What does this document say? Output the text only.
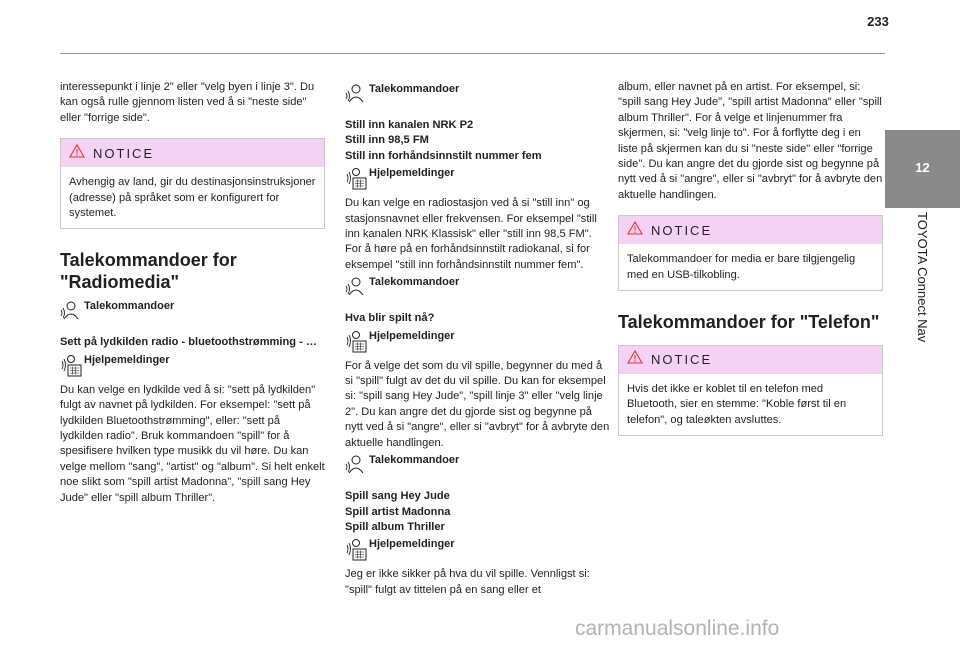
233
12
TOYOTA Connect Nav

interessepunkt i linje 2" eller "velg byen i linje 3". Du kan også rulle gjennom listen ved å si "neste side" eller "forrige side".

NOTICE
Avhengig av land, gir du destinasjonsinstruksjoner (adresse) på språket som er konfigurert for systemet.
Talekommandoer for "Radiomedia"
Talekommandoer
Sett på lydkilden radio - bluetoothstrømming - …
Hjelpemeldinger

Du kan velge en lydkilde ved å si: "sett på lydkilden" fulgt av navnet på lydkilden. For eksempel: "sett på lydkilden Bluetoothstrømming", eller: "sett på lydkilden radio". Bruk kommandoen "spill" for å spesifisere hvilken type musikk du vil høre. Du kan velge mellom "sang", "artist" og "album". Si helt enkelt noe slikt som "spill artist Madonna", "spill sang Hey Jude" eller "spill album Thriller".

Talekommandoer
Still inn kanalen NRK P2
Still inn 98,5 FM
Still inn forhåndsinnstilt nummer fem
Hjelpemeldinger

Du kan velge en radiostasjon ved å si "still inn" og stasjonsnavnet eller frekvensen. For eksempel "still inn kanalen NRK Klassisk" eller "still inn 98,5 FM". For å høre på en forhåndsinnstilt radiokanal, si for eksempel "still inn forhåndsinnstilt nummer fem".

Talekommandoer
Hva blir spilt nå?
Hjelpemeldinger

For å velge det som du vil spille, begynner du med å si "spill" fulgt av det du vil spille. Du kan for eksempel si: "spill sang Hey Jude", "spill linje 3" eller "velg linje 2". Du kan angre det du gjorde sist og begynne på nytt ved å si "angre", eller si "avbryt" for å avbryte den aktuelle handlingen.

Talekommandoer
Spill sang Hey Jude
Spill artist Madonna
Spill album Thriller
Hjelpemeldinger

Jeg er ikke sikker på hva du vil spille. Vennligst si: "spill" fulgt av tittelen på en sang eller et

album, eller navnet på en artist. For eksempel, si: "spill sang Hey Jude", "spill artist Madonna" eller "spill album Thriller". For å velge et linjenummer fra skjermen, si: "velg linje to". For å forflytte deg i en liste på skjermen kan du si "neste side" eller "forrige side". Du kan angre det du gjorde sist og begynne på nytt ved å si "angre", eller si "avbryt" for å avbryte den aktuelle handlingen.

NOTICE
Talekommandoer for media er bare tilgjengelig med en USB-tilkobling.
Talekommandoer for "Telefon"
NOTICE
Hvis det ikke er koblet til en telefon med Bluetooth, sier en stemme: "Koble først til en telefon", og taleøkten avsluttes.
carmanualsonline.info
